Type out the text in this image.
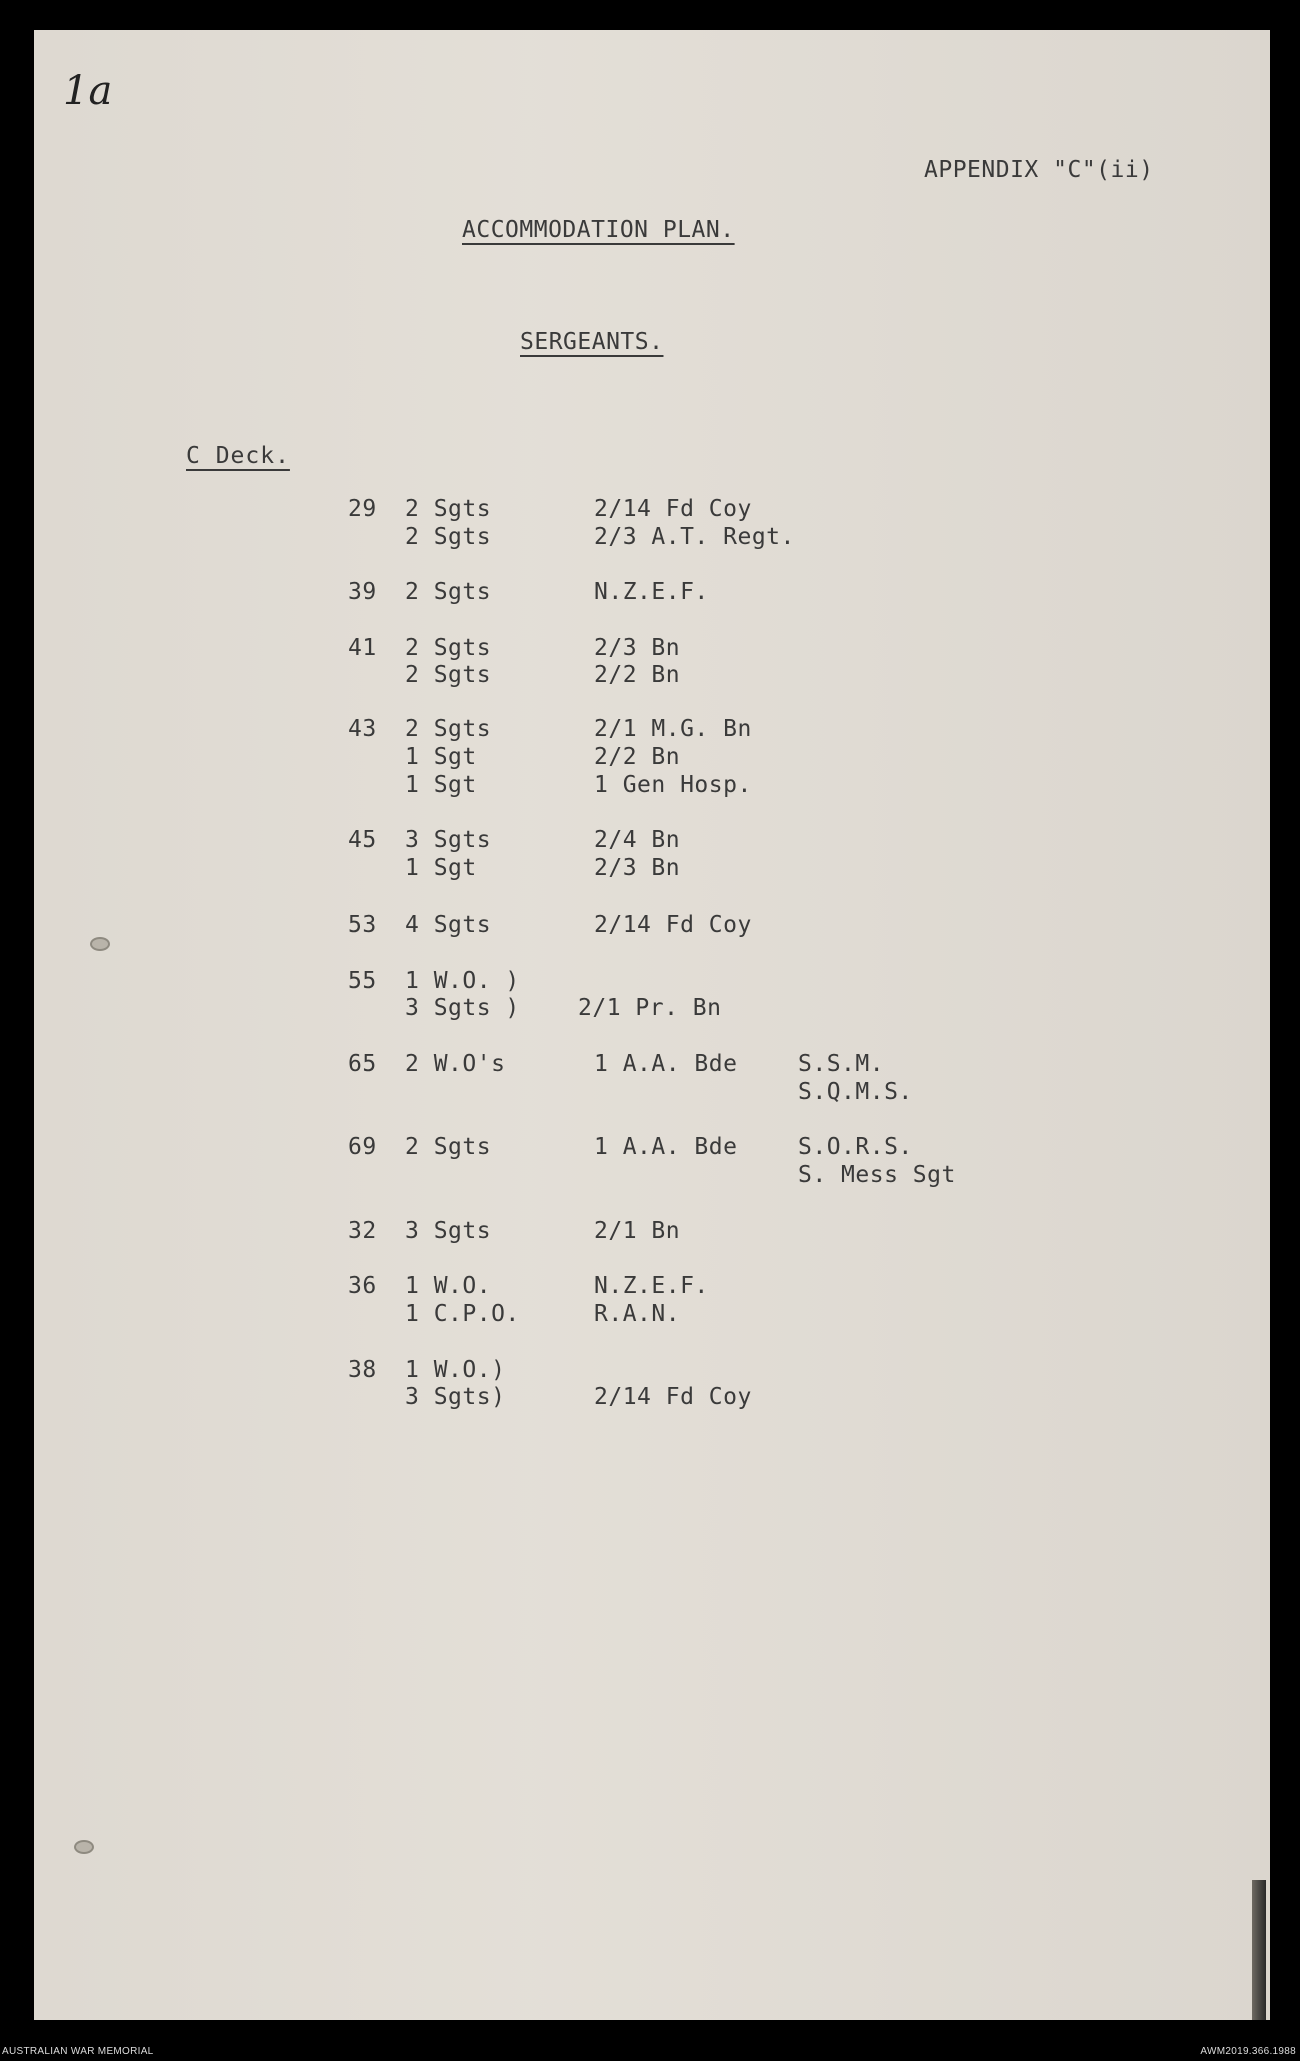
1a
APPENDIX "C"(ii)
ACCOMMODATION PLAN.
SERGEANTS.
C Deck.
29 2 Sgts	2/14 Fd Coy
2 Sgts	2/3 A.T. Regt.
39 2 Sgts	N.Z.E.F.
41 2 Sgts	2/3 Bn
2 Sgts	2/2 Bn
43 2 Sgts	2/1 M.G. Bn
1 Sgt	2/2 Bn
1 Sgt	1 Gen Hosp.
45 3 Sgts	2/4 Bn
1 Sgt	2/3 Bn
53 4 Sgts	2/14 Fd Coy
55 1 W.O. )
3 Sgts )	2/1 Pr. Bn
65 2 W.O's	1 A.A. Bde	S.S.M.
S.Q.M.S.
69 2 Sgts	1 A.A. Bde	S.O.R.S.
S. Mess Sgt
32 3 Sgts	2/1 Bn
36 1 W.O.	N.Z.E.F.
1 C.P.O.	R.A.N.
38 1 W.O.)
3 Sgts)	2/14 Fd Coy
AUSTRALIAN WAR MEMORIAL	AWM2019.366.1988
